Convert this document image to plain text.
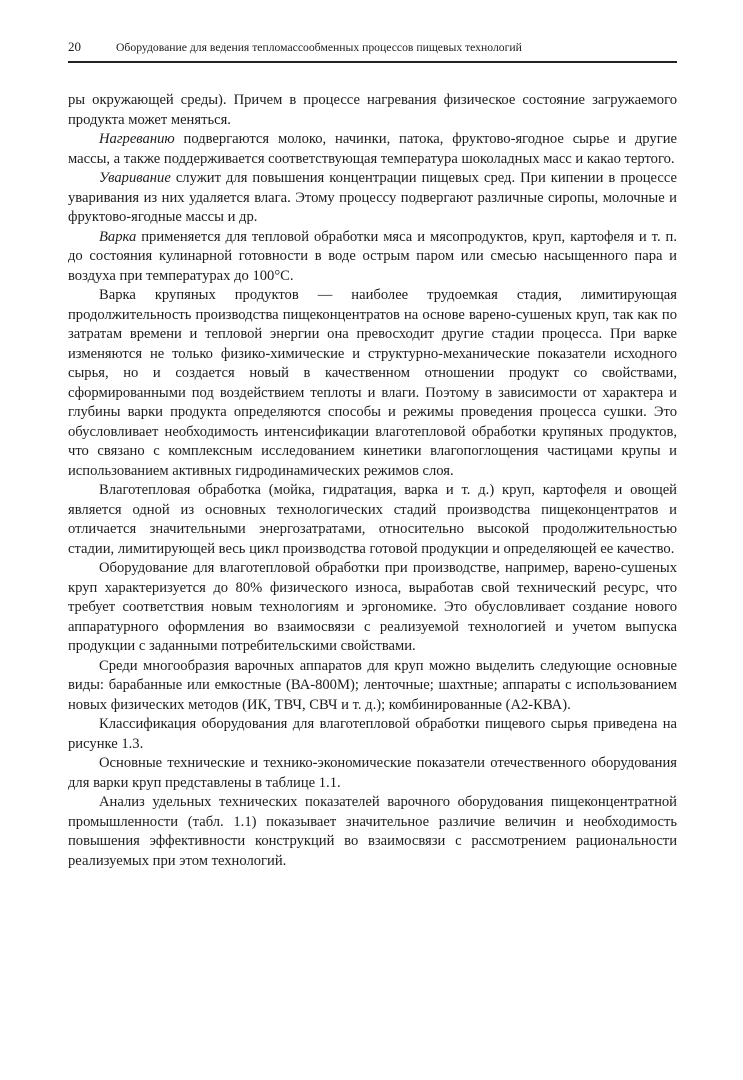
20	Оборудование для ведения тепломассообменных процессов пищевых технологий

ры окружающей среды). Причем в процессе нагревания физическое состояние загружаемого продукта может меняться.

Нагреванию подвергаются молоко, начинки, патока, фруктово-ягодное сырье и другие массы, а также поддерживается соответствующая температура шоколадных масс и какао тертого.

Уваривание служит для повышения концентрации пищевых сред. При кипении в процессе уваривания из них удаляется влага. Этому процессу подвергают различные сиропы, молочные и фруктово-ягодные массы и др.

Варка применяется для тепловой обработки мяса и мясопродуктов, круп, картофеля и т. п. до состояния кулинарной готовности в воде острым паром или смесью насыщенного пара и воздуха при температурах до 100°С.

Варка крупяных продуктов — наиболее трудоемкая стадия, лимитирующая продолжительность производства пищеконцентратов на основе варено-сушеных круп, так как по затратам времени и тепловой энергии она превосходит другие стадии процесса. При варке изменяются не только физико-химические и структурно-механические показатели исходного сырья, но и создается новый в качественном отношении продукт со свойствами, сформированными под воздействием теплоты и влаги. Поэтому в зависимости от характера и глубины варки продукта определяются способы и режимы проведения процесса сушки. Это обусловливает необходимость интенсификации влаготепловой обработки крупяных продуктов, что связано с комплексным исследованием кинетики влагопоглощения частицами крупы и использованием активных гидродинамических режимов слоя.

Влаготепловая обработка (мойка, гидратация, варка и т. д.) круп, картофеля и овощей является одной из основных технологических стадий производства пищеконцентратов и отличается значительными энергозатратами, относительно высокой продолжительностью стадии, лимитирующей весь цикл производства готовой продукции и определяющей ее качество.

Оборудование для влаготепловой обработки при производстве, например, варено-сушеных круп характеризуется до 80% физического износа, выработав свой технический ресурс, что требует соответствия новым технологиям и эргономике. Это обусловливает создание нового аппаратурного оформления во взаимосвязи с реализуемой технологией и учетом выпуска продукции с заданными потребительскими свойствами.

Среди многообразия варочных аппаратов для круп можно выделить следующие основные виды: барабанные или емкостные (ВА-800М); ленточные; шахтные; аппараты с использованием новых физических методов (ИК, ТВЧ, СВЧ и т. д.); комбинированные (А2-КВА).

Классификация оборудования для влаготепловой обработки пищевого сырья приведена на рисунке 1.3.

Основные технические и технико-экономические показатели отечественного оборудования для варки круп представлены в таблице 1.1.

Анализ удельных технических показателей варочного оборудования пищеконцентратной промышленности (табл. 1.1) показывает значительное различие величин и необходимость повышения эффективности конструкций во взаимосвязи с рассмотрением рациональности реализуемых при этом технологий.
